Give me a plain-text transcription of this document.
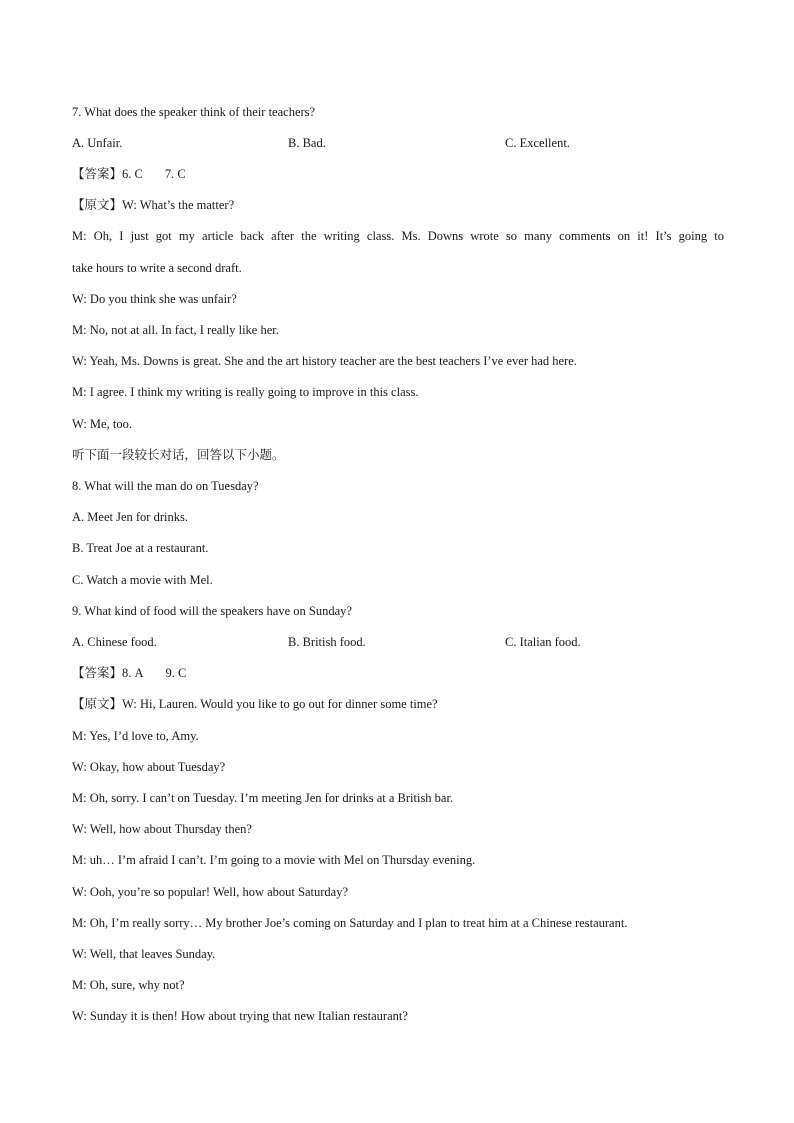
7. What does the speaker think of their teachers?
A. Unfair.	B. Bad.	C. Excellent.
【答案】6. C 7. C
【原文】W: What’s the matter?
M: Oh, I just got my article back after the writing class. Ms. Downs wrote so many comments on it! It’s going to
take hours to write a second draft.
W: Do you think she was unfair?
M: No, not at all. In fact, I really like her.
W: Yeah, Ms. Downs is great. She and the art history teacher are the best teachers I’ve ever had here.
M: I agree. I think my writing is really going to improve in this class.
W: Me, too.
听下面一段较长对话，回答以下小题。
8. What will the man do on Tuesday?
A. Meet Jen for drinks.
B. Treat Joe at a restaurant.
C. Watch a movie with Mel.
9. What kind of food will the speakers have on Sunday?
A. Chinese food.	B. British food.	C. Italian food.
【答案】8. A 9. C
【原文】W: Hi, Lauren. Would you like to go out for dinner some time?
M: Yes, I’d love to, Amy.
W: Okay, how about Tuesday?
M: Oh, sorry. I can’t on Tuesday. I’m meeting Jen for drinks at a British bar.
W: Well, how about Thursday then?
M: uh… I’m afraid I can’t. I’m going to a movie with Mel on Thursday evening.
W: Ooh, you’re so popular! Well, how about Saturday?
M: Oh, I’m really sorry… My brother Joe’s coming on Saturday and I plan to treat him at a Chinese restaurant.
W: Well, that leaves Sunday.
M: Oh, sure, why not?
W: Sunday it is then! How about trying that new Italian restaurant?
